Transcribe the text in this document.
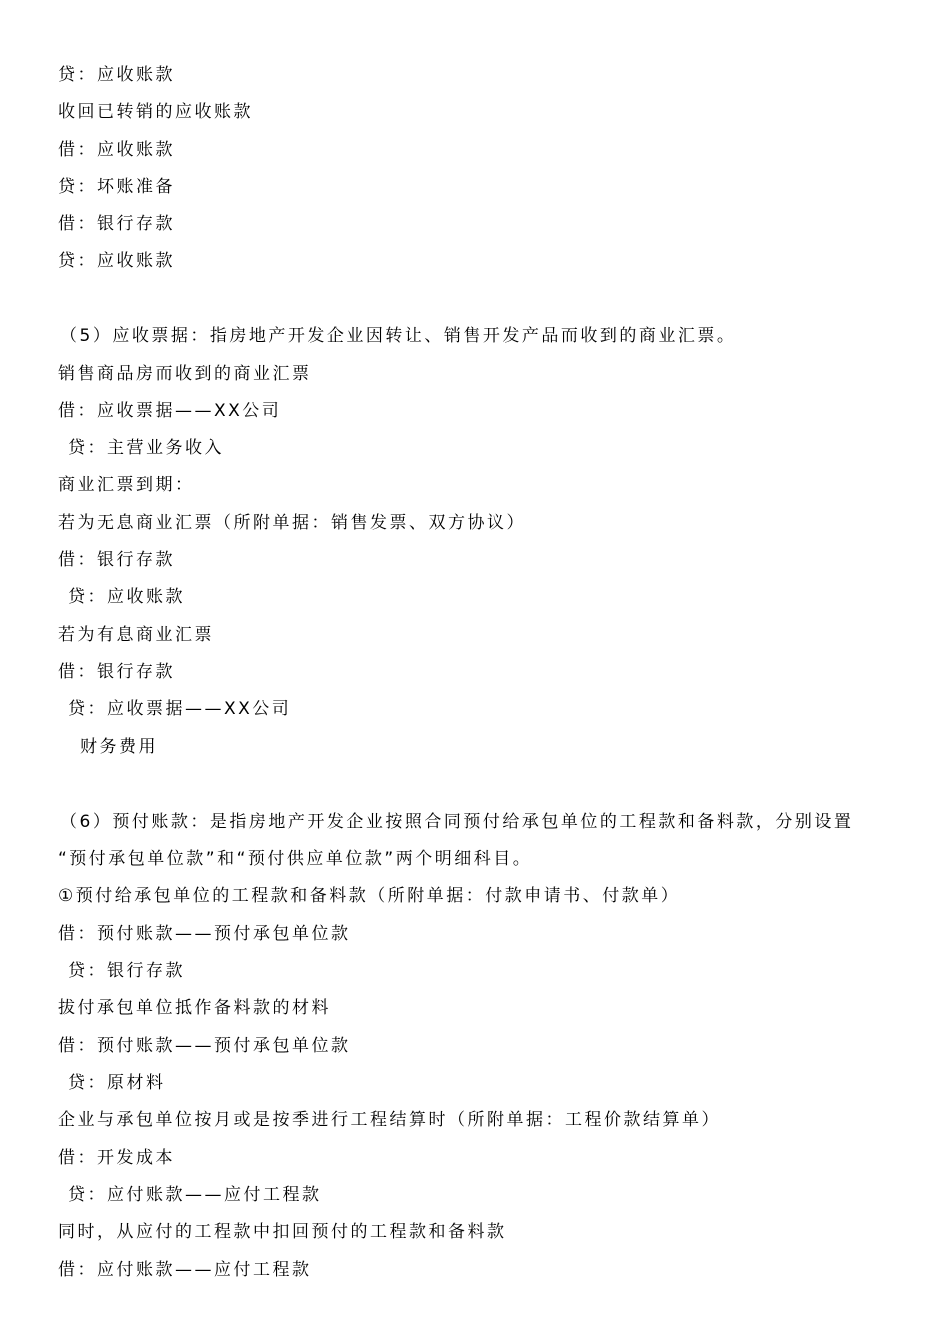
贷：应收账款
收回已转销的应收账款
借：应收账款
贷：坏账准备
借：银行存款
贷：应收账款
（5）应收票据：指房地产开发企业因转让、销售开发产品而收到的商业汇票。
销售商品房而收到的商业汇票
借：应收票据——XX公司
贷：主营业务收入
商业汇票到期：
若为无息商业汇票（所附单据：销售发票、双方协议）
借：银行存款
贷：应收账款
若为有息商业汇票
借：银行存款
贷：应收票据——XX公司
财务费用
（6）预付账款：是指房地产开发企业按照合同预付给承包单位的工程款和备料款，分别设置
“预付承包单位款”和“预付供应单位款”两个明细科目。
①预付给承包单位的工程款和备料款（所附单据：付款申请书、付款单）
借：预付账款——预付承包单位款
贷：银行存款
拔付承包单位抵作备料款的材料
借：预付账款——预付承包单位款
贷：原材料
企业与承包单位按月或是按季进行工程结算时（所附单据：工程价款结算单）
借：开发成本
贷：应付账款——应付工程款
同时，从应付的工程款中扣回预付的工程款和备料款
借：应付账款——应付工程款
